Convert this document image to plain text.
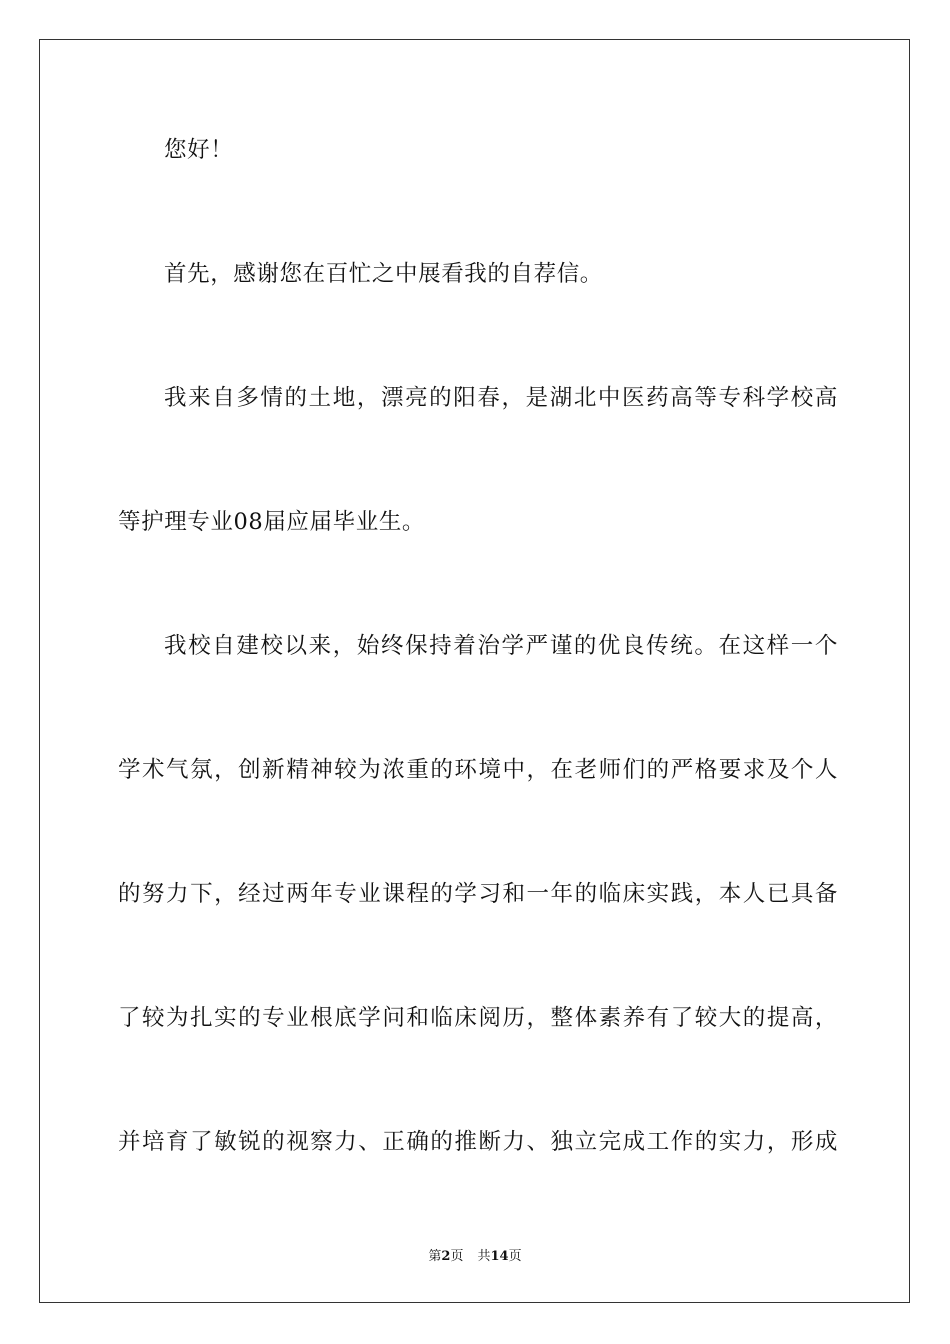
您好！

首先，感谢您在百忙之中展看我的自荐信。

我来自多情的土地，漂亮的阳春，是湖北中医药高等专科学校高

等护理专业08届应届毕业生。

我校自建校以来，始终保持着治学严谨的优良传统。在这样一个

学术气氛，创新精神较为浓重的环境中，在老师们的严格要求及个人

的努力下，经过两年专业课程的学习和一年的临床实践，本人已具备

了较为扎实的专业根底学问和临床阅历，整体素养有了较大的提高，

并培育了敏锐的视察力、正确的推断力、独立完成工作的实力，形成

第2页 共14页
